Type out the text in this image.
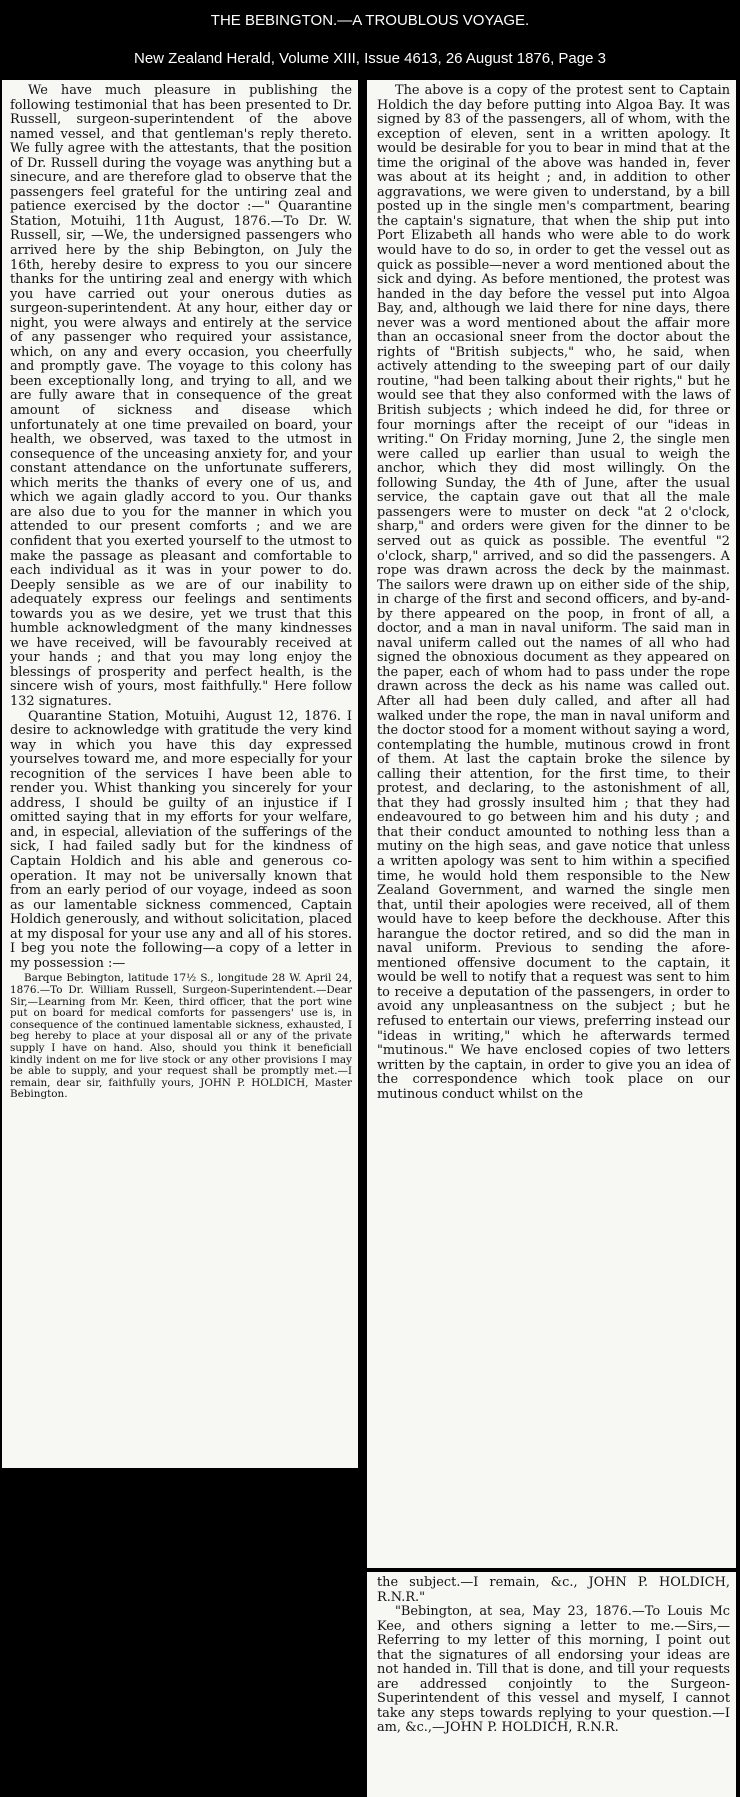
THE BEBINGTON.—A TROUBLOUS VOYAGE.
New Zealand Herald, Volume XIII, Issue 4613, 26 August 1876, Page 3

We have much pleasure in publishing the following testimonial that has been presented to Dr. Russell, surgeon-superintendent of the above named vessel, and that gentleman's reply thereto. We fully agree with the attestants, that the position of Dr. Russell during the voyage was anything but a sinecure, and are therefore glad to observe that the passengers feel grateful for the untiring zeal and patience exercised by the doctor :—" Quarantine Station, Motuihi, 11th August, 1876.—To Dr. W. Russell, sir, —We, the undersigned passengers who arrived here by the ship Bebington, on July the 16th, hereby desire to express to you our sincere thanks for the untiring zeal and energy with which you have carried out your onerous duties as surgeon-superintendent. At any hour, either day or night, you were always and entirely at the service of any passenger who required your assistance, which, on any and every occasion, you cheerfully and promptly gave. The voyage to this colony has been exceptionally long, and trying to all, and we are fully aware that in consequence of the great amount of sickness and disease which unfortunately at one time prevailed on board, your health, we observed, was taxed to the utmost in consequence of the unceasing anxiety for, and your constant attendance on the unfortunate sufferers, which merits the thanks of every one of us, and which we again gladly accord to you. Our thanks are also due to you for the manner in which you attended to our present comforts ; and we are confident that you exerted yourself to the utmost to make the passage as pleasant and comfortable to each individual as it was in your power to do. Deeply sensible as we are of our inability to adequately express our feelings and sentiments towards you as we desire, yet we trust that this humble acknowledgment of the many kindnesses we have received, will be favourably received at your hands ; and that you may long enjoy the blessings of prosperity and perfect health, is the sincere wish of yours, most faithfully." Here follow 132 signatures.

Quarantine Station, Motuihi, August 12, 1876. I desire to acknowledge with gratitude the very kind way in which you have this day expressed yourselves toward me, and more especially for your recognition of the services I have been able to render you. Whist thanking you sincerely for your address, I should be guilty of an injustice if I omitted saying that in my efforts for your welfare, and, in especial, alleviation of the sufferings of the sick, I had failed sadly but for the kindness of Captain Holdich and his able and generous co-operation. It may not be universally known that from an early period of our voyage, indeed as soon as our lamentable sickness commenced, Captain Holdich generously, and without solicitation, placed at my disposal for your use any and all of his stores. I beg you note the following—a copy of a letter in my possession :—

Barque Bebington, latitude 17½ S., longitude 28 W. April 24, 1876.—To Dr. William Russell, Surgeon-Superintendent.—Dear Sir,—Learning from Mr. Keen, third officer, that the port wine put on board for medical comforts for passengers' use is, in consequence of the continued lamentable sickness, exhausted, I beg hereby to place at your disposal all or any of the private supply I have on hand. Also, should you think it beneficiall kindly indent on me for live stock or any other provisions I may be able to supply, and your request shall be promptly met.—I remain, dear sir, faithfully yours, JOHN P. HOLDICH, Master Bebington.

The above is a copy of the protest sent to Captain Holdich the day before putting into Algoa Bay. It was signed by 83 of the passengers, all of whom, with the exception of eleven, sent in a written apology. It would be desirable for you to bear in mind that at the time the original of the above was handed in, fever was about at its height ; and, in addition to other aggravations, we were given to understand, by a bill posted up in the single men's compartment, bearing the captain's signature, that when the ship put into Port Elizabeth all hands who were able to do work would have to do so, in order to get the vessel out as quick as possible—never a word mentioned about the sick and dying. As before mentioned, the protest was handed in the day before the vessel put into Algoa Bay, and, although we laid there for nine days, there never was a word mentioned about the affair more than an occasional sneer from the doctor about the rights of "British subjects," who, he said, when actively attending to the sweeping part of our daily routine, "had been talking about their rights," but he would see that they also conformed with the laws of British subjects ; which indeed he did, for three or four mornings after the receipt of our "ideas in writing." On Friday morning, June 2, the single men were called up earlier than usual to weigh the anchor, which they did most willingly. On the following Sunday, the 4th of June, after the usual service, the captain gave out that all the male passengers were to muster on deck "at 2 o'clock, sharp," and orders were given for the dinner to be served out as quick as possible. The eventful "2 o'clock, sharp," arrived, and so did the passengers. A rope was drawn across the deck by the mainmast. The sailors were drawn up on either side of the ship, in charge of the first and second officers, and by-and-by there appeared on the poop, in front of all, a doctor, and a man in naval uniform. The said man in naval uniferm called out the names of all who had signed the obnoxious document as they appeared on the paper, each of whom had to pass under the rope drawn across the deck as his name was called out. After all had been duly called, and after all had walked under the rope, the man in naval uniform and the doctor stood for a moment without saying a word, contemplating the humble, mutinous crowd in front of them. At last the captain broke the silence by calling their attention, for the first time, to their protest, and declaring, to the astonishment of all, that they had grossly insulted him ; that they had endeavoured to go between him and his duty ; and that their conduct amounted to nothing less than a mutiny on the high seas, and gave notice that unless a written apology was sent to him within a specified time, he would hold them responsible to the New Zealand Government, and warned the single men that, until their apologies were received, all of them would have to keep before the deckhouse. After this harangue the doctor retired, and so did the man in naval uniform. Previous to sending the afore-mentioned offensive document to the captain, it would be well to notify that a request was sent to him to receive a deputation of the passengers, in order to avoid any unpleasantness on the subject ; but he refused to entertain our views, preferring instead our "ideas in writing," which he afterwards termed "mutinous." We have enclosed copies of two letters written by the captain, in order to give you an idea of the correspondence which took place on our mutinous conduct whilst on the

the subject.—I remain, &c., JOHN P. HOLDICH, R.N.R."

"Bebington, at sea, May 23, 1876.—To Louis Mc Kee, and others signing a letter to me.—Sirs,—Referring to my letter of this morning, I point out that the signatures of all endorsing your ideas are not handed in. Till that is done, and till your requests are addressed conjointly to the Surgeon-Superintendent of this vessel and myself, I cannot take any steps towards replying to your question.—I am, &c.,—JOHN P. HOLDICH, R.N.R.
